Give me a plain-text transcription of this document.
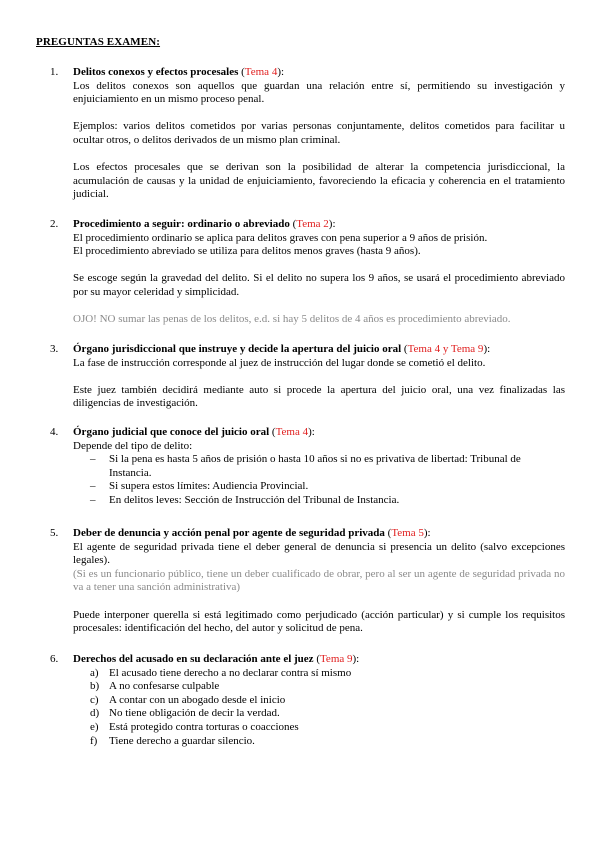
PREGUNTAS EXAMEN:
1.	Delitos conexos y efectos procesales (Tema 4):

Los delitos conexos son aquellos que guardan una relación entre sí, permitiendo su investigación y enjuiciamiento en un mismo proceso penal.

Ejemplos: varios delitos cometidos por varias personas conjuntamente, delitos cometidos para facilitar u ocultar otros, o delitos derivados de un mismo plan criminal.

Los efectos procesales que se derivan son la posibilidad de alterar la competencia jurisdiccional, la acumulación de causas y la unidad de enjuiciamiento, favoreciendo la eficacia y coherencia en el tratamiento judicial.

2.	Procedimiento a seguir: ordinario o abreviado (Tema 2):

El procedimiento ordinario se aplica para delitos graves con pena superior a 9 años de prisión.

El procedimiento abreviado se utiliza para delitos menos graves (hasta 9 años).

Se escoge según la gravedad del delito. Si el delito no supera los 9 años, se usará el procedimiento abreviado por su mayor celeridad y simplicidad.

OJO! NO sumar las penas de los delitos, e.d. si hay 5 delitos de 4 años es procedimiento abreviado.

3.	Órgano jurisdiccional que instruye y decide la apertura del juicio oral (Tema 4 y Tema 9):

La fase de instrucción corresponde al juez de instrucción del lugar donde se cometió el delito.

Este juez también decidirá mediante auto si procede la apertura del juicio oral, una vez finalizadas las diligencias de investigación.

4.	Órgano judicial que conoce del juicio oral (Tema 4):

Depende del tipo de delito:

– Si la pena es hasta 5 años de prisión o hasta 10 años si no es privativa de libertad: Tribunal de Instancia.
– Si supera estos límites: Audiencia Provincial.
– En delitos leves: Sección de Instrucción del Tribunal de Instancia.
5.	Deber de denuncia y acción penal por agente de seguridad privada (Tema 5):

El agente de seguridad privada tiene el deber general de denuncia si presencia un delito (salvo excepciones legales).

(Si es un funcionario público, tiene un deber cualificado de obrar, pero al ser un agente de seguridad privada no va a tener una sanción administrativa)

Puede interponer querella si está legitimado como perjudicado (acción particular) y si cumple los requisitos procesales: identificación del hecho, del autor y solicitud de pena.

6.	Derechos del acusado en su declaración ante el juez (Tema 9):
a) El acusado tiene derecho a no declarar contra sí mismo
b) A no confesarse culpable
c) A contar con un abogado desde el inicio
d) No tiene obligación de decir la verdad.
e) Está protegido contra torturas o coacciones
f) Tiene derecho a guardar silencio.
